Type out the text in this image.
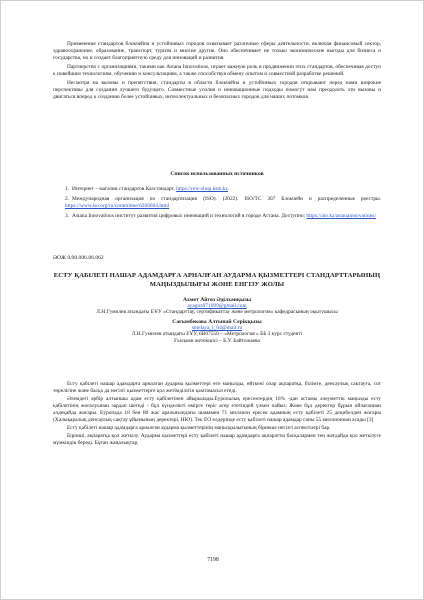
Применение стандартов блокчейна и устойчивых городов охватывает различные сферы деятельности, включая финансовый сектор, здравоохранение, образование, транспорт, туризм и многие другие. Оно обеспечивает не только экономические выгоды для бизнеса и государства, но и создает благоприятную среду для инноваций и развития.

Партнерство с организациями, такими как Astana Innovations, играет важную роль в продвижении этих стандартов, обеспечивая доступ к новейшим технологиям, обучению и консультациям, а также способствуя обмену опытом и совместной разработке решений.

Несмотря на вызовы и препятствия, стандарты в области блокчейна и устойчивых городов открывают перед нами широкие перспективы для создания лучшего будущего. Совместные усилия и инновационные подходы помогут нам преодолеть эти вызовы и двигаться вперед к созданию более устойчивых, интеллектуальных и безопасных городов для наших потомков.

Список использованных источников

1. Интернет – магазин стандартов Казстандарт. https://rew-shop.ksm.kz

2. Международная организация по стандартизации (ISO). (2022). ISO/TC 307 Блокчейн и распределенные реестры. https://www.iso.org/ru/committee/6266604.html

3. Astana Innovations институт развития цифровых инноваций и технологий в городе Астана. Доступно: https://ain.kz/astanainnovations/

ӘОЖ 0.00.006.06.062

ЕСТУ ҚАБІЛЕТІ НАШАР АДАМДАРҒА АРНАЛҒАН АУДАРМА ҚЫЗМЕТТЕРІ СТАНДАРТТАРЫНЫҢ МАҢЫЗДЫЛЫҒЫ ЖӘНЕ ЕНГІЗУ ЖОЛЫ

Ахмет Айгөз Әділханқызы

ayagoz071099@gmail.com

Л.Н.Гумилев атындағы ЕҰУ «Стандарттау, сертификаттау және метрология» кафедрасының оқытушысы

Сағымбекова Алтынай Серікқызы

smelaya_l_04@mail.ru

Л.Н.Гумилев атындағы ЕҰУ, 6В07550 – «Метрология » ББ 3 курс студенті

Ғылыми жетекшісі – Б.У. Байтожаева

Есту қабілеті нашар адамдарға арналған аударма қызметтері өте маңызды, өйткені олар ақпаратқа, білімге, денсаулық сақтауға, сот төрелігіне және басқа да негізгі қызметтерге қол жетімділігін қамтамасыз етеді.

Әлемдегі әрбір алтыншы адам есту қабілетінен айырылады.Еуропалық ересектердің 16% -дан астамы әлеуметтік маңызды есту қабілетінің жоғалуынан зардап шегеді - бұл күнделікті өмірге теріс әсер ететіндей үлкен пайыз. Жоне бұл деректер бұрын ойлағаннан әлдеқайда жоғары. Еуропада 18 бен 80 жас аралығындағы шамамен 71 миллион ересек адамның есту қабілеті 25 децибелден жоғары (Халықаралық денсаулық сақтау ұйымының деректері, НЮ). Тек ЕО елдерінде есту қабілеті нашар адамдар саны 55 миллионнан асады [3]

Есту қабілеті нашар адамдарға арналған аударма қызметтерінің маңыздылығының бірнеше негізгі аспектілері бар.

Біріншi, ақпаратқа қол жеткізу. Аударма қызметтері есту қабілеті нашар адамдарға ақпаратты басқалармен тең жағдайда қол жеткізуге мүмкіндік береді. Бұған жаңалықтар,

7198
